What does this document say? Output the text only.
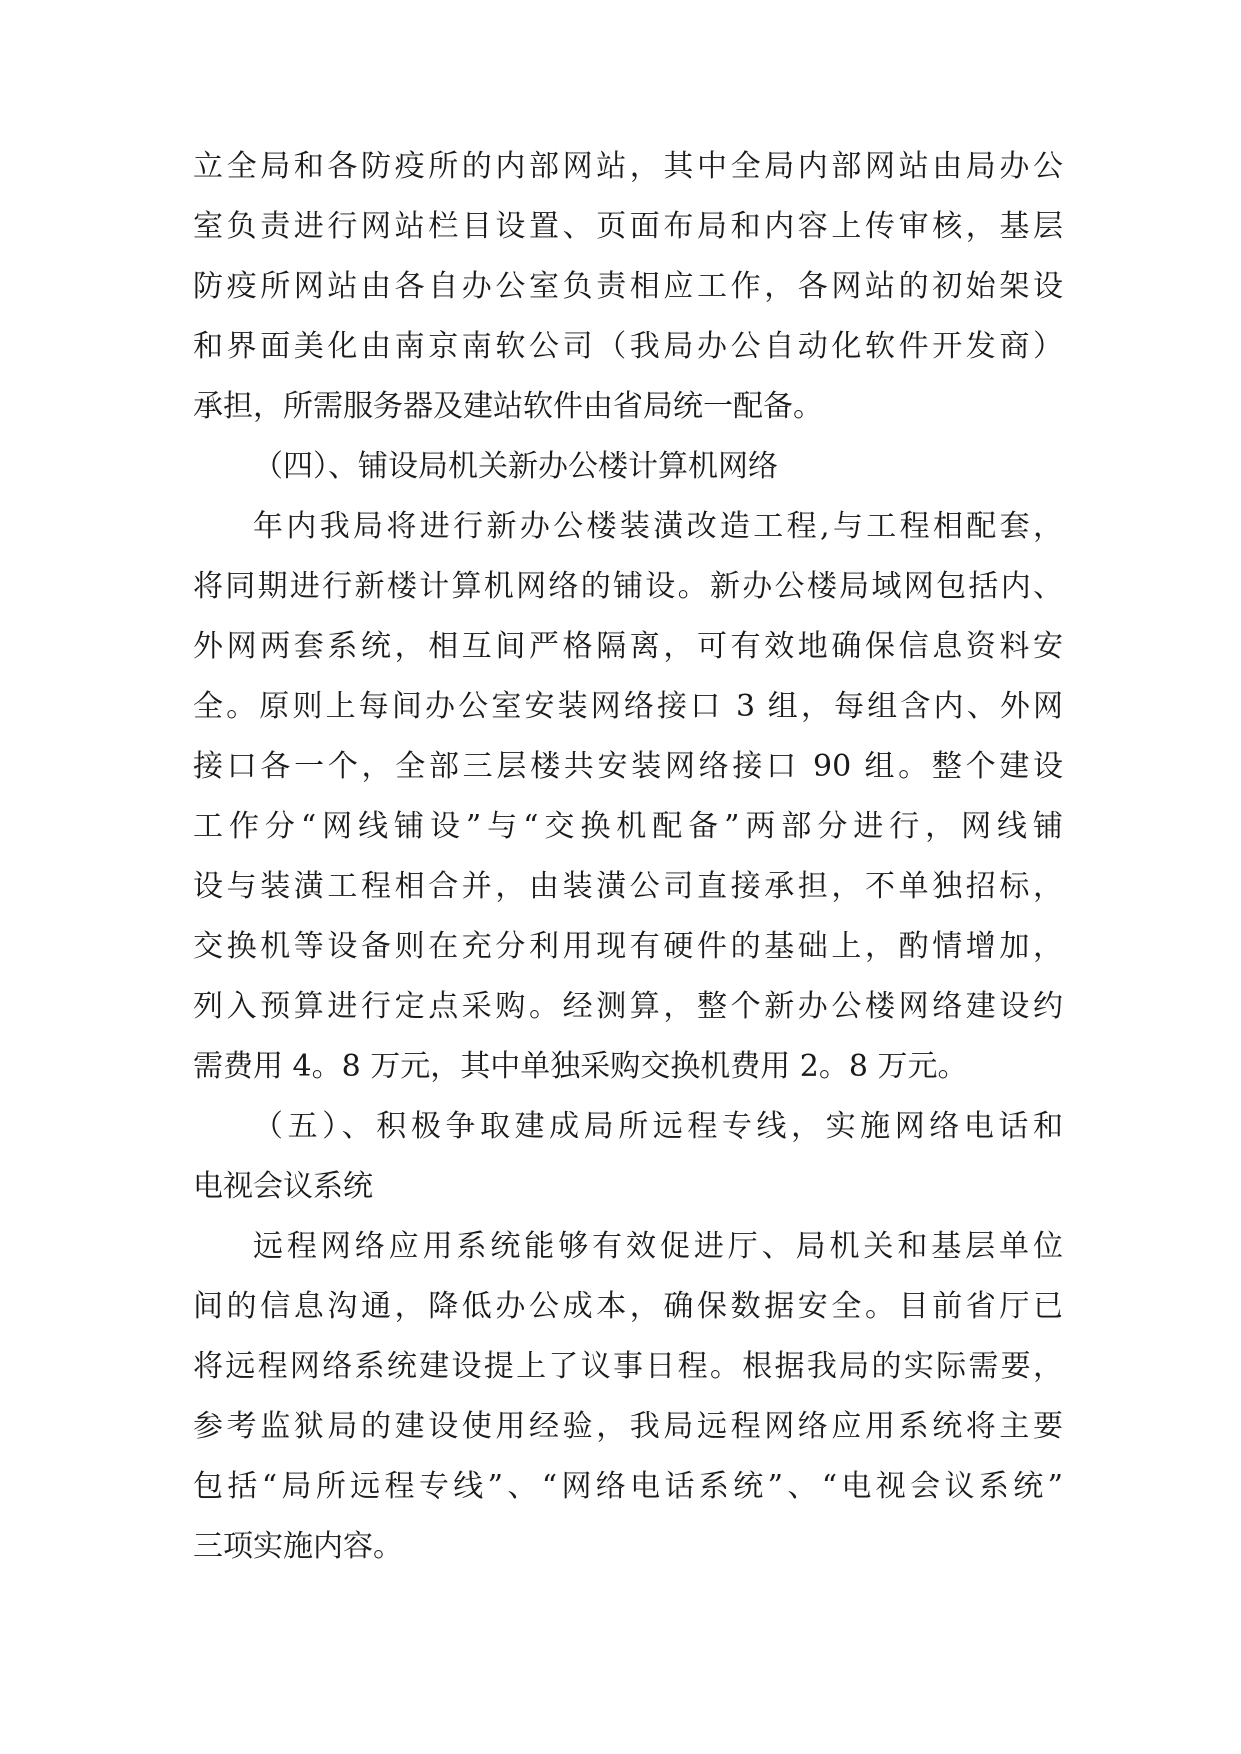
立全局和各防疫所的内部网站，其中全局内部网站由局办公
室负责进行网站栏目设置、页面布局和内容上传审核，基层
防疫所网站由各自办公室负责相应工作，各网站的初始架设
和界面美化由南京南软公司（我局办公自动化软件开发商）
承担，所需服务器及建站软件由省局统一配备。
（四）、铺设局机关新办公楼计算机网络
年内我局将进行新办公楼装潢改造工程,与工程相配套，
将同期进行新楼计算机网络的铺设。新办公楼局域网包括内、
外网两套系统，相互间严格隔离，可有效地确保信息资料安
全。原则上每间办公室安装网络接口 3 组，每组含内、外网
接口各一个，全部三层楼共安装网络接口 90 组。整个建设
工作分“网线铺设”与“交换机配备”两部分进行，网线铺
设与装潢工程相合并，由装潢公司直接承担，不单独招标，
交换机等设备则在充分利用现有硬件的基础上，酌情增加，
列入预算进行定点采购。经测算，整个新办公楼网络建设约
需费用 4。8 万元，其中单独采购交换机费用 2。8 万元。
（五）、积极争取建成局所远程专线，实施网络电话和
电视会议系统
远程网络应用系统能够有效促进厅、局机关和基层单位
间的信息沟通，降低办公成本，确保数据安全。目前省厅已
将远程网络系统建设提上了议事日程。根据我局的实际需要，
参考监狱局的建设使用经验，我局远程网络应用系统将主要
包括“局所远程专线”、“网络电话系统”、“电视会议系统”
三项实施内容。
